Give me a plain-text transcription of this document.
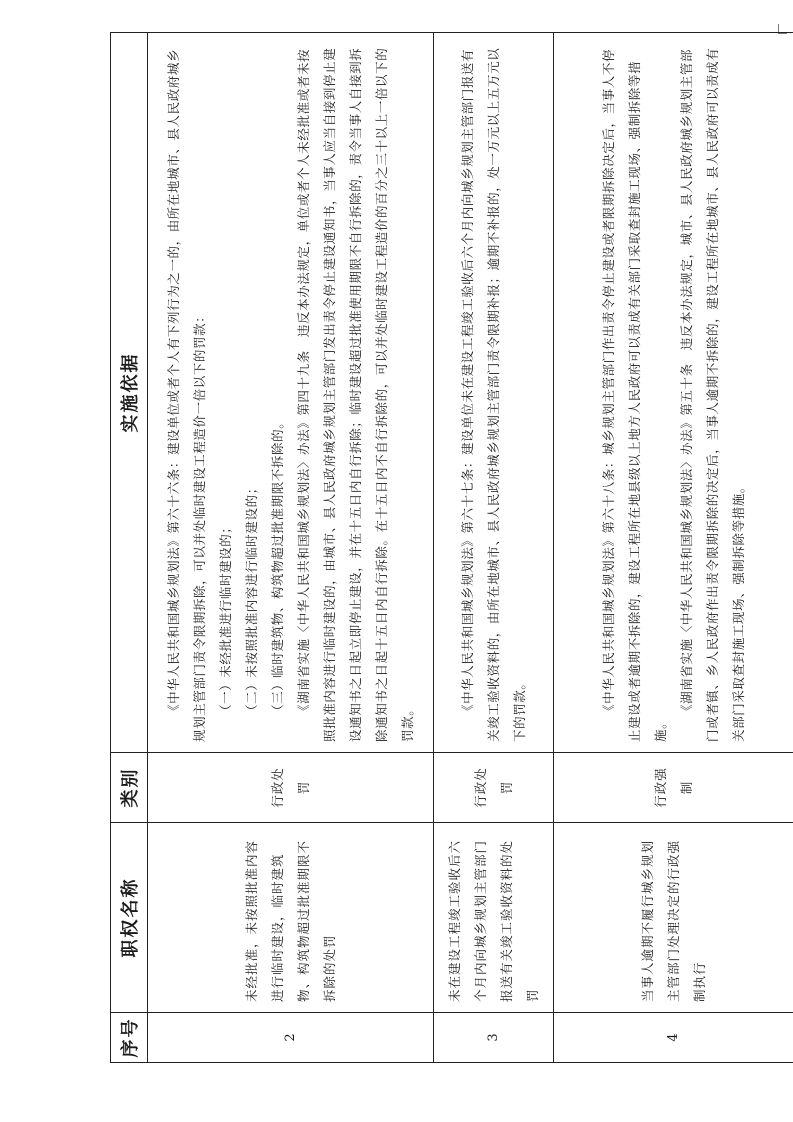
序号	职权名称	类别	实施依据
2	未经批准，未按照批准内容进行临时建设，临时建筑物、构筑物超过批准期限不拆除的处罚	行政处罚	《中华人民共和国城乡规划法》第六十六条：建设单位或者个人有下列行为之一的，由所在地城市、县人民政府城乡规划主管部门责令限期拆除，可以并处临时建设工程造价一倍以下的罚款： （一）未经批准进行临时建设的； （二）未按照批准内容进行临时建设的； （三）临时建筑物、构筑物超过批准期限不拆除的。 《湖南省实施〈中华人民共和国城乡规划法〉办法》第四十九条　违反本办法规定，单位或者个人未经批准或者未按照批准内容进行临时建设的，由城市、县人民政府城乡规划主管部门发出责令停止建设通知书，当事人应当自接到停止建设通知书之日起立即停止建设，并在十五日内自行拆除；临时建设超过批准使用期限不自行拆除的，责令当事人自接到拆除通知书之日起十五日内自行拆除。在十五日内不自行拆除的，可以并处临时建设工程造价的百分之三十以上一倍以下的罚款。

3	未在建设工程竣工验收后六个月内向城乡规划主管部门报送有关竣工验收资料的处罚	行政处罚	《中华人民共和国城乡规划法》第六十七条：建设单位未在建设工程竣工验收后六个月内向城乡规划主管部门报送有关竣工验收资料的，由所在地城市、县人民政府城乡规划主管部门责令限期补报；逾期不补报的，处一万元以上五万元以下的罚款。

4	当事人逾期不履行城乡规划主管部门处理决定的行政强制执行	行政强制	《中华人民共和国城乡规划法》第六十八条：城乡规划主管部门作出责令停止建设或者限期拆除决定后，当事人不停止建设或者逾期不拆除的，建设工程所在地县级以上地方人民政府可以责成有关部门采取查封施工现场、强制拆除等措施。

《湖南省实施〈中华人民共和国城乡规划法〉办法》第五十条　违反本办法规定，城市、县人民政府城乡规划主管部门或者镇、乡人民政府作出责令限期拆除的决定后，当事人逾期不拆除的，建设工程所在地城市、县人民政府可以责成有关部门采取查封施工现场、强制拆除等措施。
